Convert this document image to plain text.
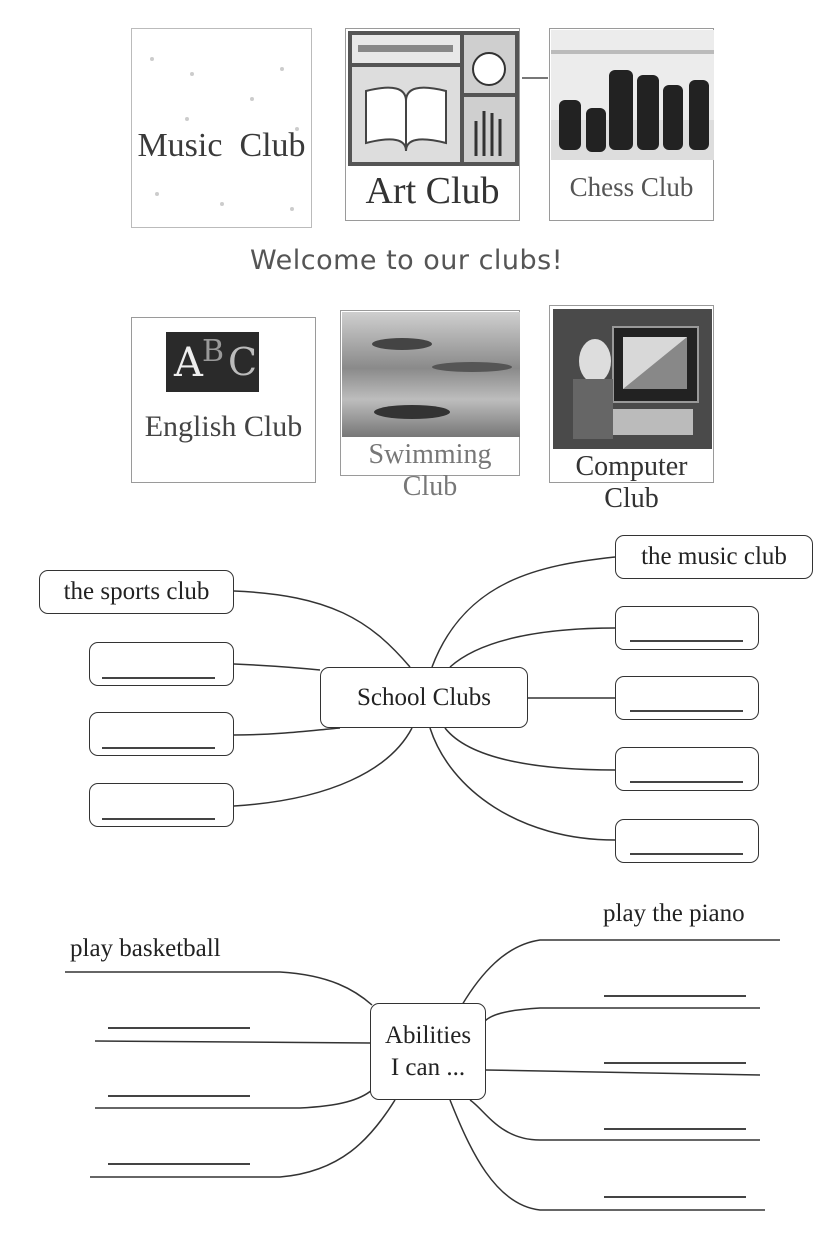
Music  Club
Art Club	Chess Club
Welcome to our clubs!
A B C
English Club
Swimming Club
Computer Club
School Clubs
the sports club
the music club
Abilities
I can ...
play basketball
play the piano
